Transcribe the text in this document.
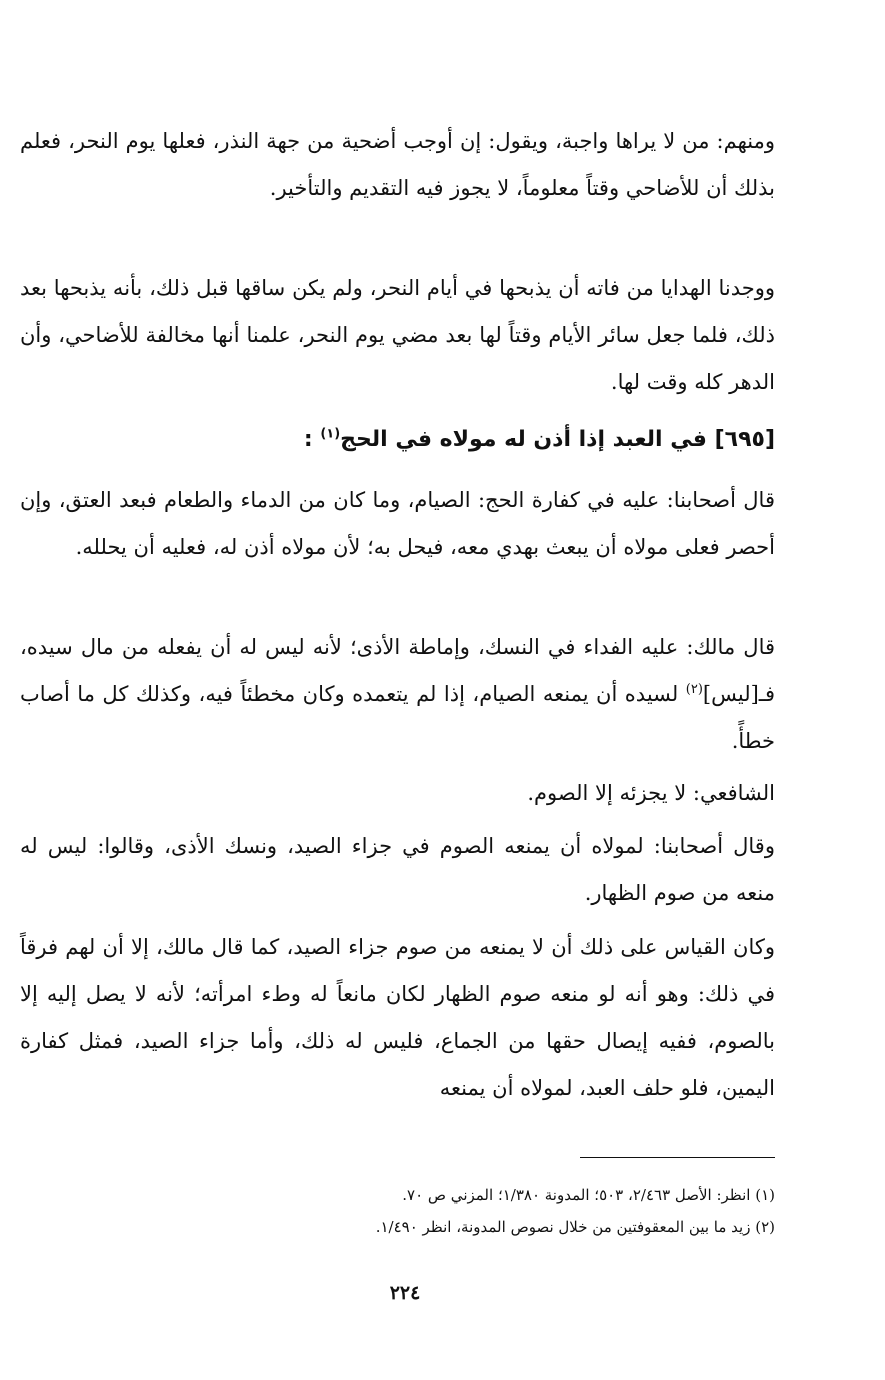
ومنهم: من لا يراها واجبة، ويقول: إن أوجب أضحية من جهة النذر، فعلها يوم النحر، فعلم بذلك أن للأضاحي وقتاً معلوماً، لا يجوز فيه التقديم والتأخير.

ووجدنا الهدايا من فاته أن يذبحها في أيام النحر، ولم يكن ساقها قبل ذلك، بأنه يذبحها بعد ذلك، فلما جعل سائر الأيام وقتاً لها بعد مضي يوم النحر، علمنا أنها مخالفة للأضاحي، وأن الدهر كله وقت لها.

[٦٩٥] في العبد إذا أذن له مولاه في الحج$^{(١)}$ :

قال أصحابنا: عليه في كفارة الحج: الصيام، وما كان من الدماء والطعام فبعد العتق، وإن أحصر فعلى مولاه أن يبعث بهدي معه، فيحل به؛ لأن مولاه أذن له، فعليه أن يحلله.

قال مالك: عليه الفداء في النسك، وإماطة الأذى؛ لأنه ليس له أن يفعله من مال سيده، فـ[ليس]$^{(٢)}$ لسيده أن يمنعه الصيام، إذا لم يتعمده وكان مخطئاً فيه، وكذلك كل ما أصاب خطأً.

الشافعي: لا يجزئه إلا الصوم.

وقال أصحابنا: لمولاه أن يمنعه الصوم في جزاء الصيد، ونسك الأذى، وقالوا: ليس له منعه من صوم الظهار.

وكان القياس على ذلك أن لا يمنعه من صوم جزاء الصيد، كما قال مالك، إلا أن لهم فرقاً في ذلك: وهو أنه لو منعه صوم الظهار لكان مانعاً له وطء امرأته؛ لأنه لا يصل إليه إلا بالصوم، ففيه إيصال حقها من الجماع، فليس له ذلك، وأما جزاء الصيد، فمثل كفارة اليمين، فلو حلف العبد، لمولاه أن يمنعه

(١) انظر: الأصل ٢/٤٦٣، ٥٠٣؛ المدونة ١/٣٨٠؛ المزني ص ٧٠.

(٢) زيد ما بين المعقوفتين من خلال نصوص المدونة، انظر ١/٤٩٠.

٢٢٤
